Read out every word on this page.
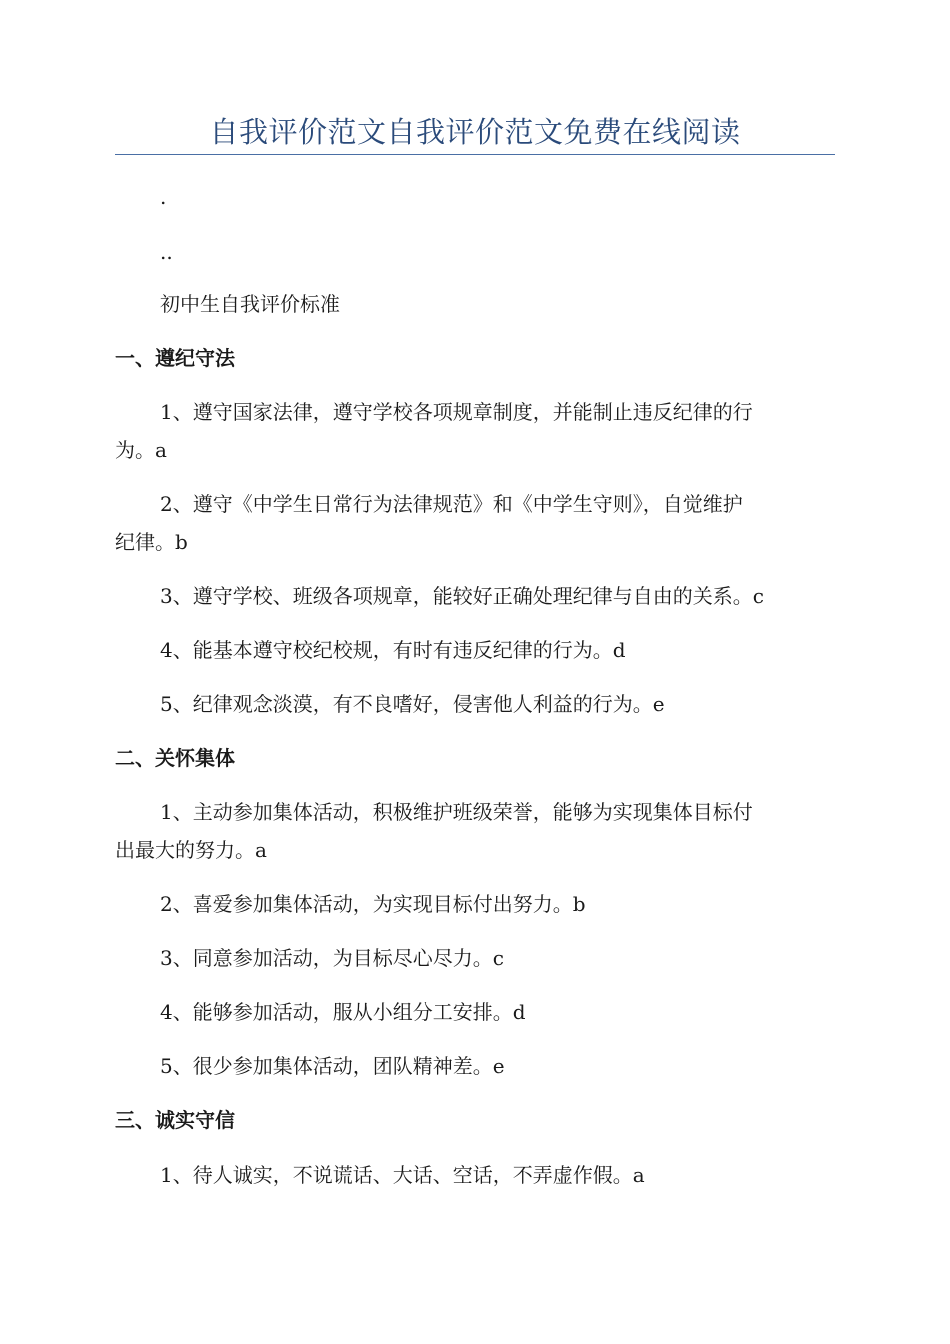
自我评价范文自我评价范文免费在线阅读
.
..
初中生自我评价标准
一、遵纪守法
1、遵守国家法律，遵守学校各项规章制度，并能制止违反纪律的行
为。a
2、遵守《中学生日常行为法律规范》和《中学生守则》，自觉维护
纪律。b
3、遵守学校、班级各项规章，能较好正确处理纪律与自由的关系。c
4、能基本遵守校纪校规，有时有违反纪律的行为。d
5、纪律观念淡漠，有不良嗜好，侵害他人利益的行为。e
二、关怀集体
1、主动参加集体活动，积极维护班级荣誉，能够为实现集体目标付
出最大的努力。a
2、喜爱参加集体活动，为实现目标付出努力。b
3、同意参加活动，为目标尽心尽力。c
4、能够参加活动，服从小组分工安排。d
5、很少参加集体活动，团队精神差。e
三、诚实守信
1、待人诚实，不说谎话、大话、空话，不弄虚作假。a
